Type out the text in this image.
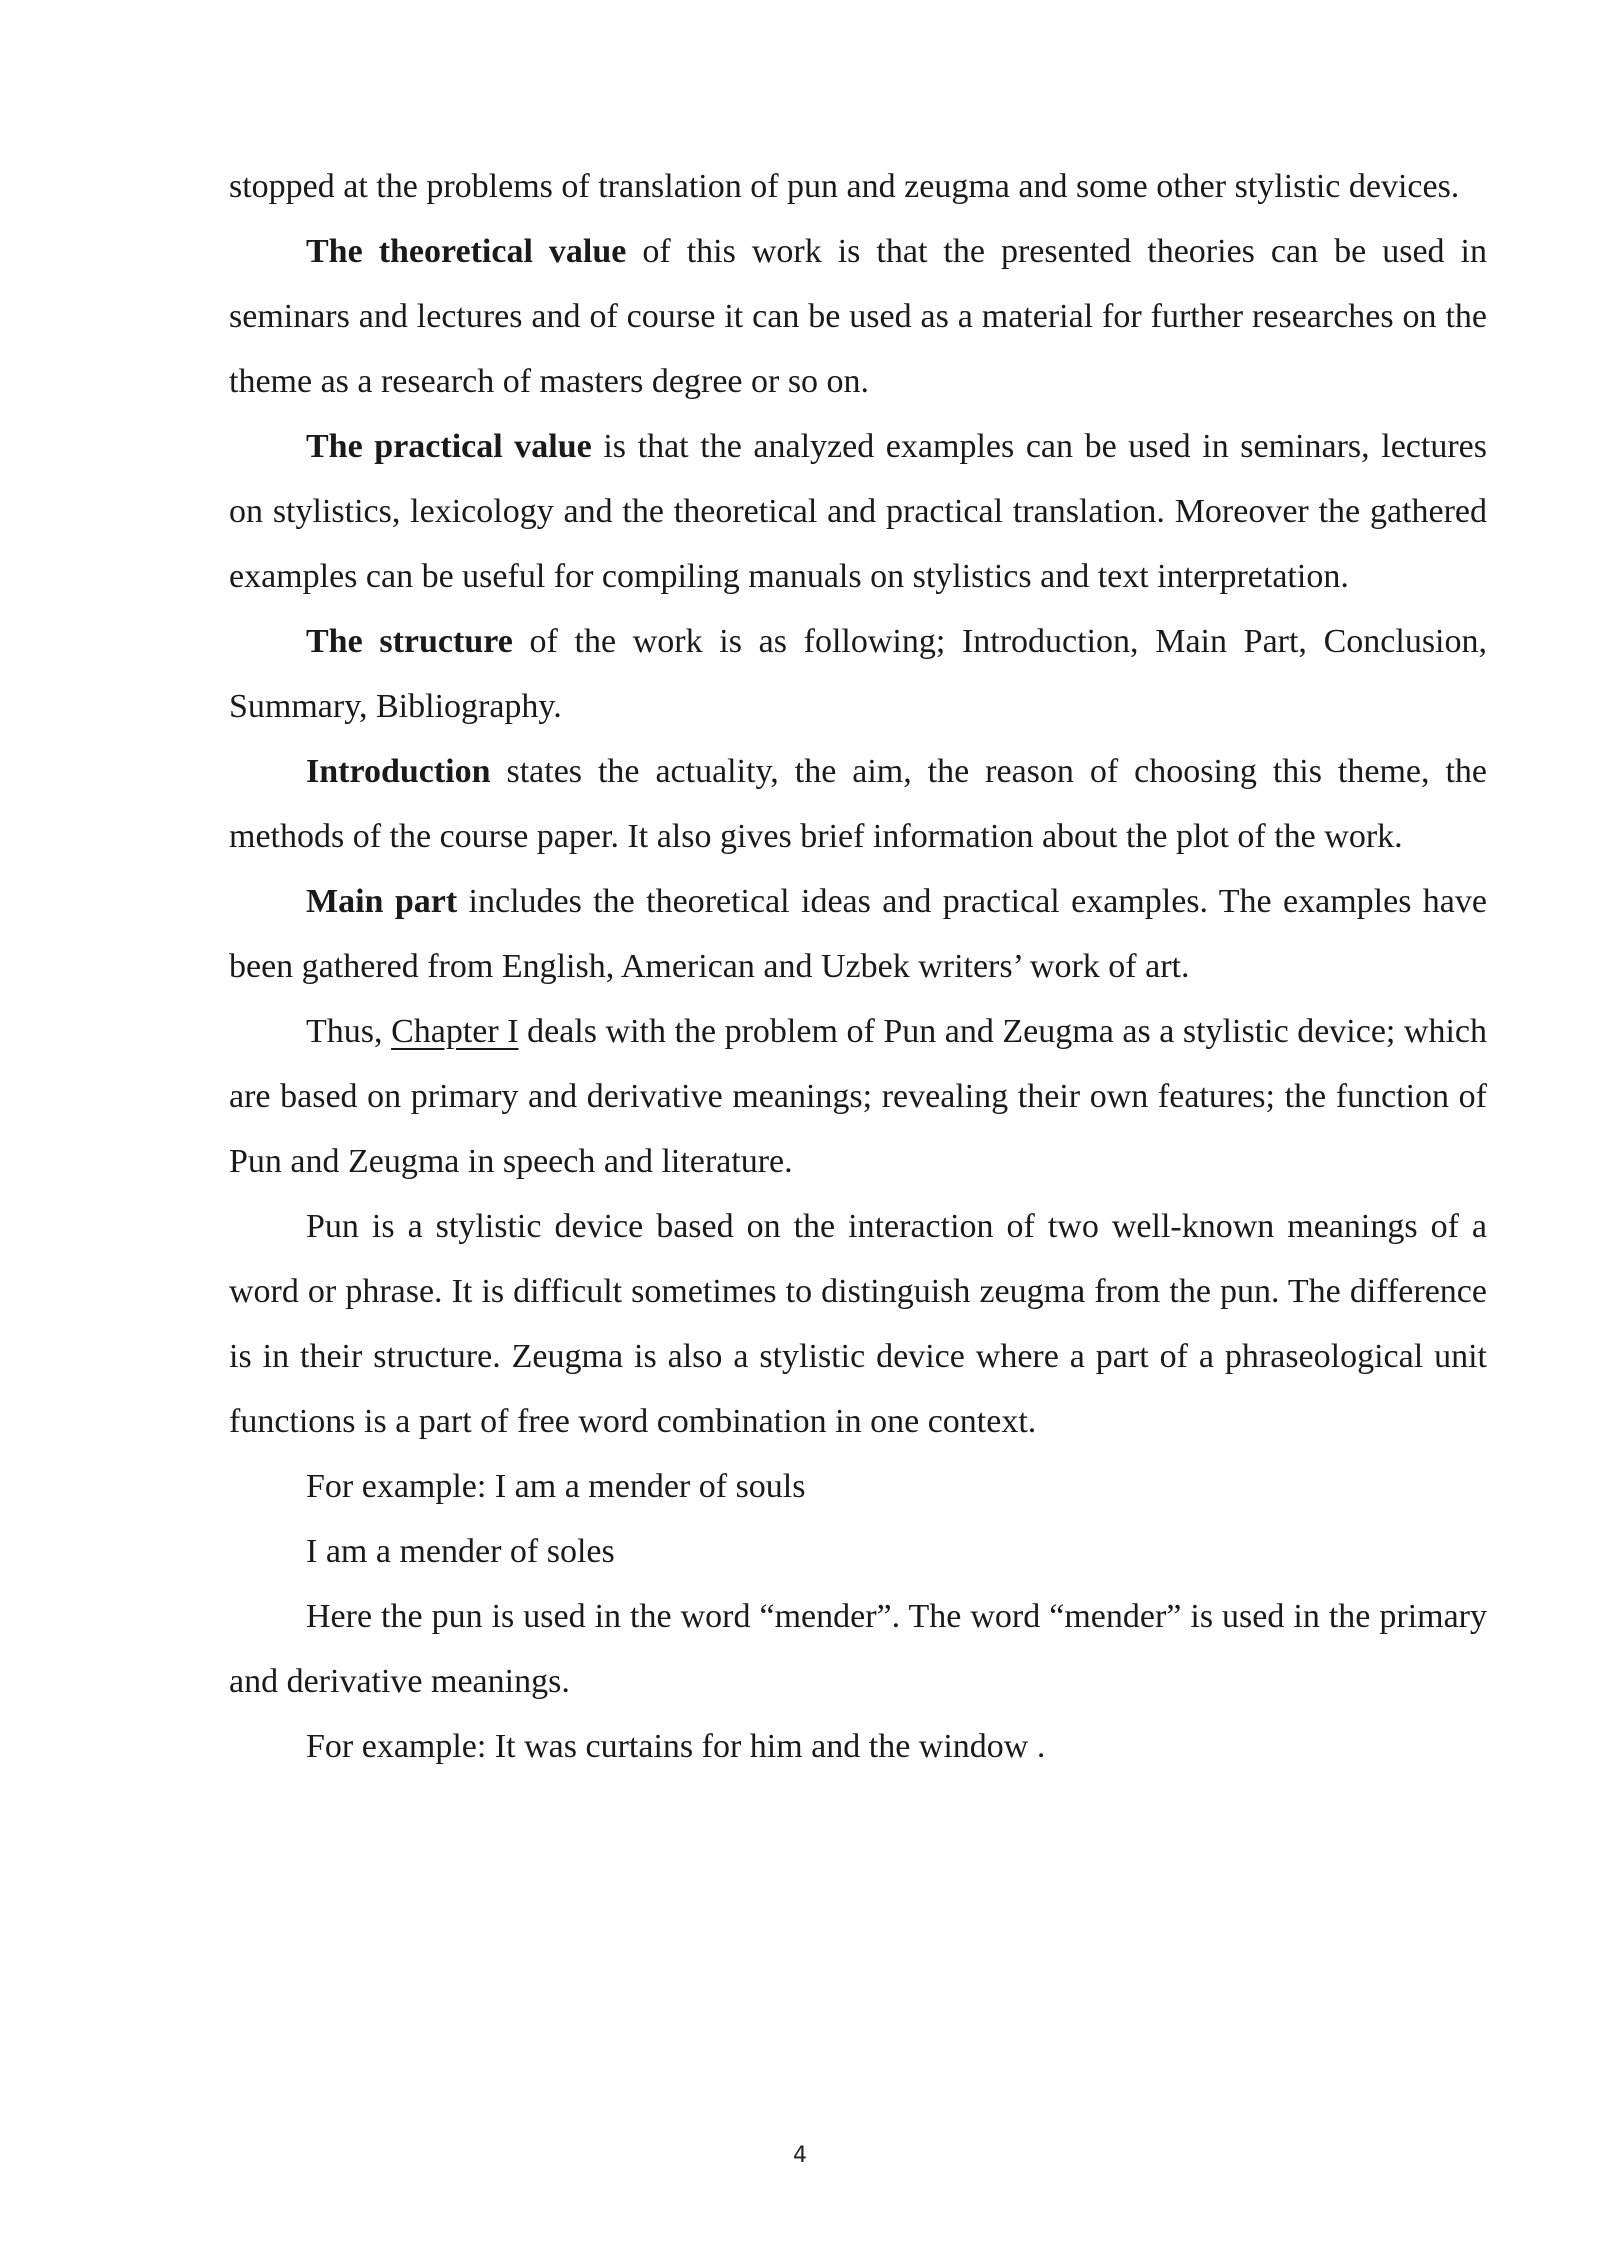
stopped at the problems of translation of pun and zeugma and some other stylistic devices.

The theoretical value of this work is that the presented theories can be used in seminars and lectures and of course it can be used as a material for further researches on the theme as a research of masters degree or so on.

The practical value is that the analyzed examples can be used in seminars, lectures on stylistics, lexicology and the theoretical and practical translation. Moreover the gathered examples can be useful for compiling manuals on stylistics and text interpretation.

The structure of the work is as following; Introduction, Main Part, Conclusion, Summary, Bibliography.

Introduction states the actuality, the aim, the reason of choosing this theme, the methods of the course paper. It also gives brief information about the plot of the work.

Main part includes the theoretical ideas and practical examples. The examples have been gathered from English, American and Uzbek writers’ work of art.

Thus, Chapter I deals with the problem of Pun and Zeugma as a stylistic device; which are based on primary and derivative meanings; revealing their own features; the function of Pun and Zeugma in speech and literature.

Pun is a stylistic device based on the interaction of two well-known meanings of a word or phrase. It is difficult sometimes to distinguish zeugma from the pun. The difference is in their structure. Zeugma is also a stylistic device where a part of a phraseological unit functions is a part of free word combination in one context.

For example: I am a mender of souls

I am a mender of soles

Here the pun is used in the word “mender”. The word “mender” is used in the primary and derivative meanings.

For example: It was curtains for him and the window .

4
